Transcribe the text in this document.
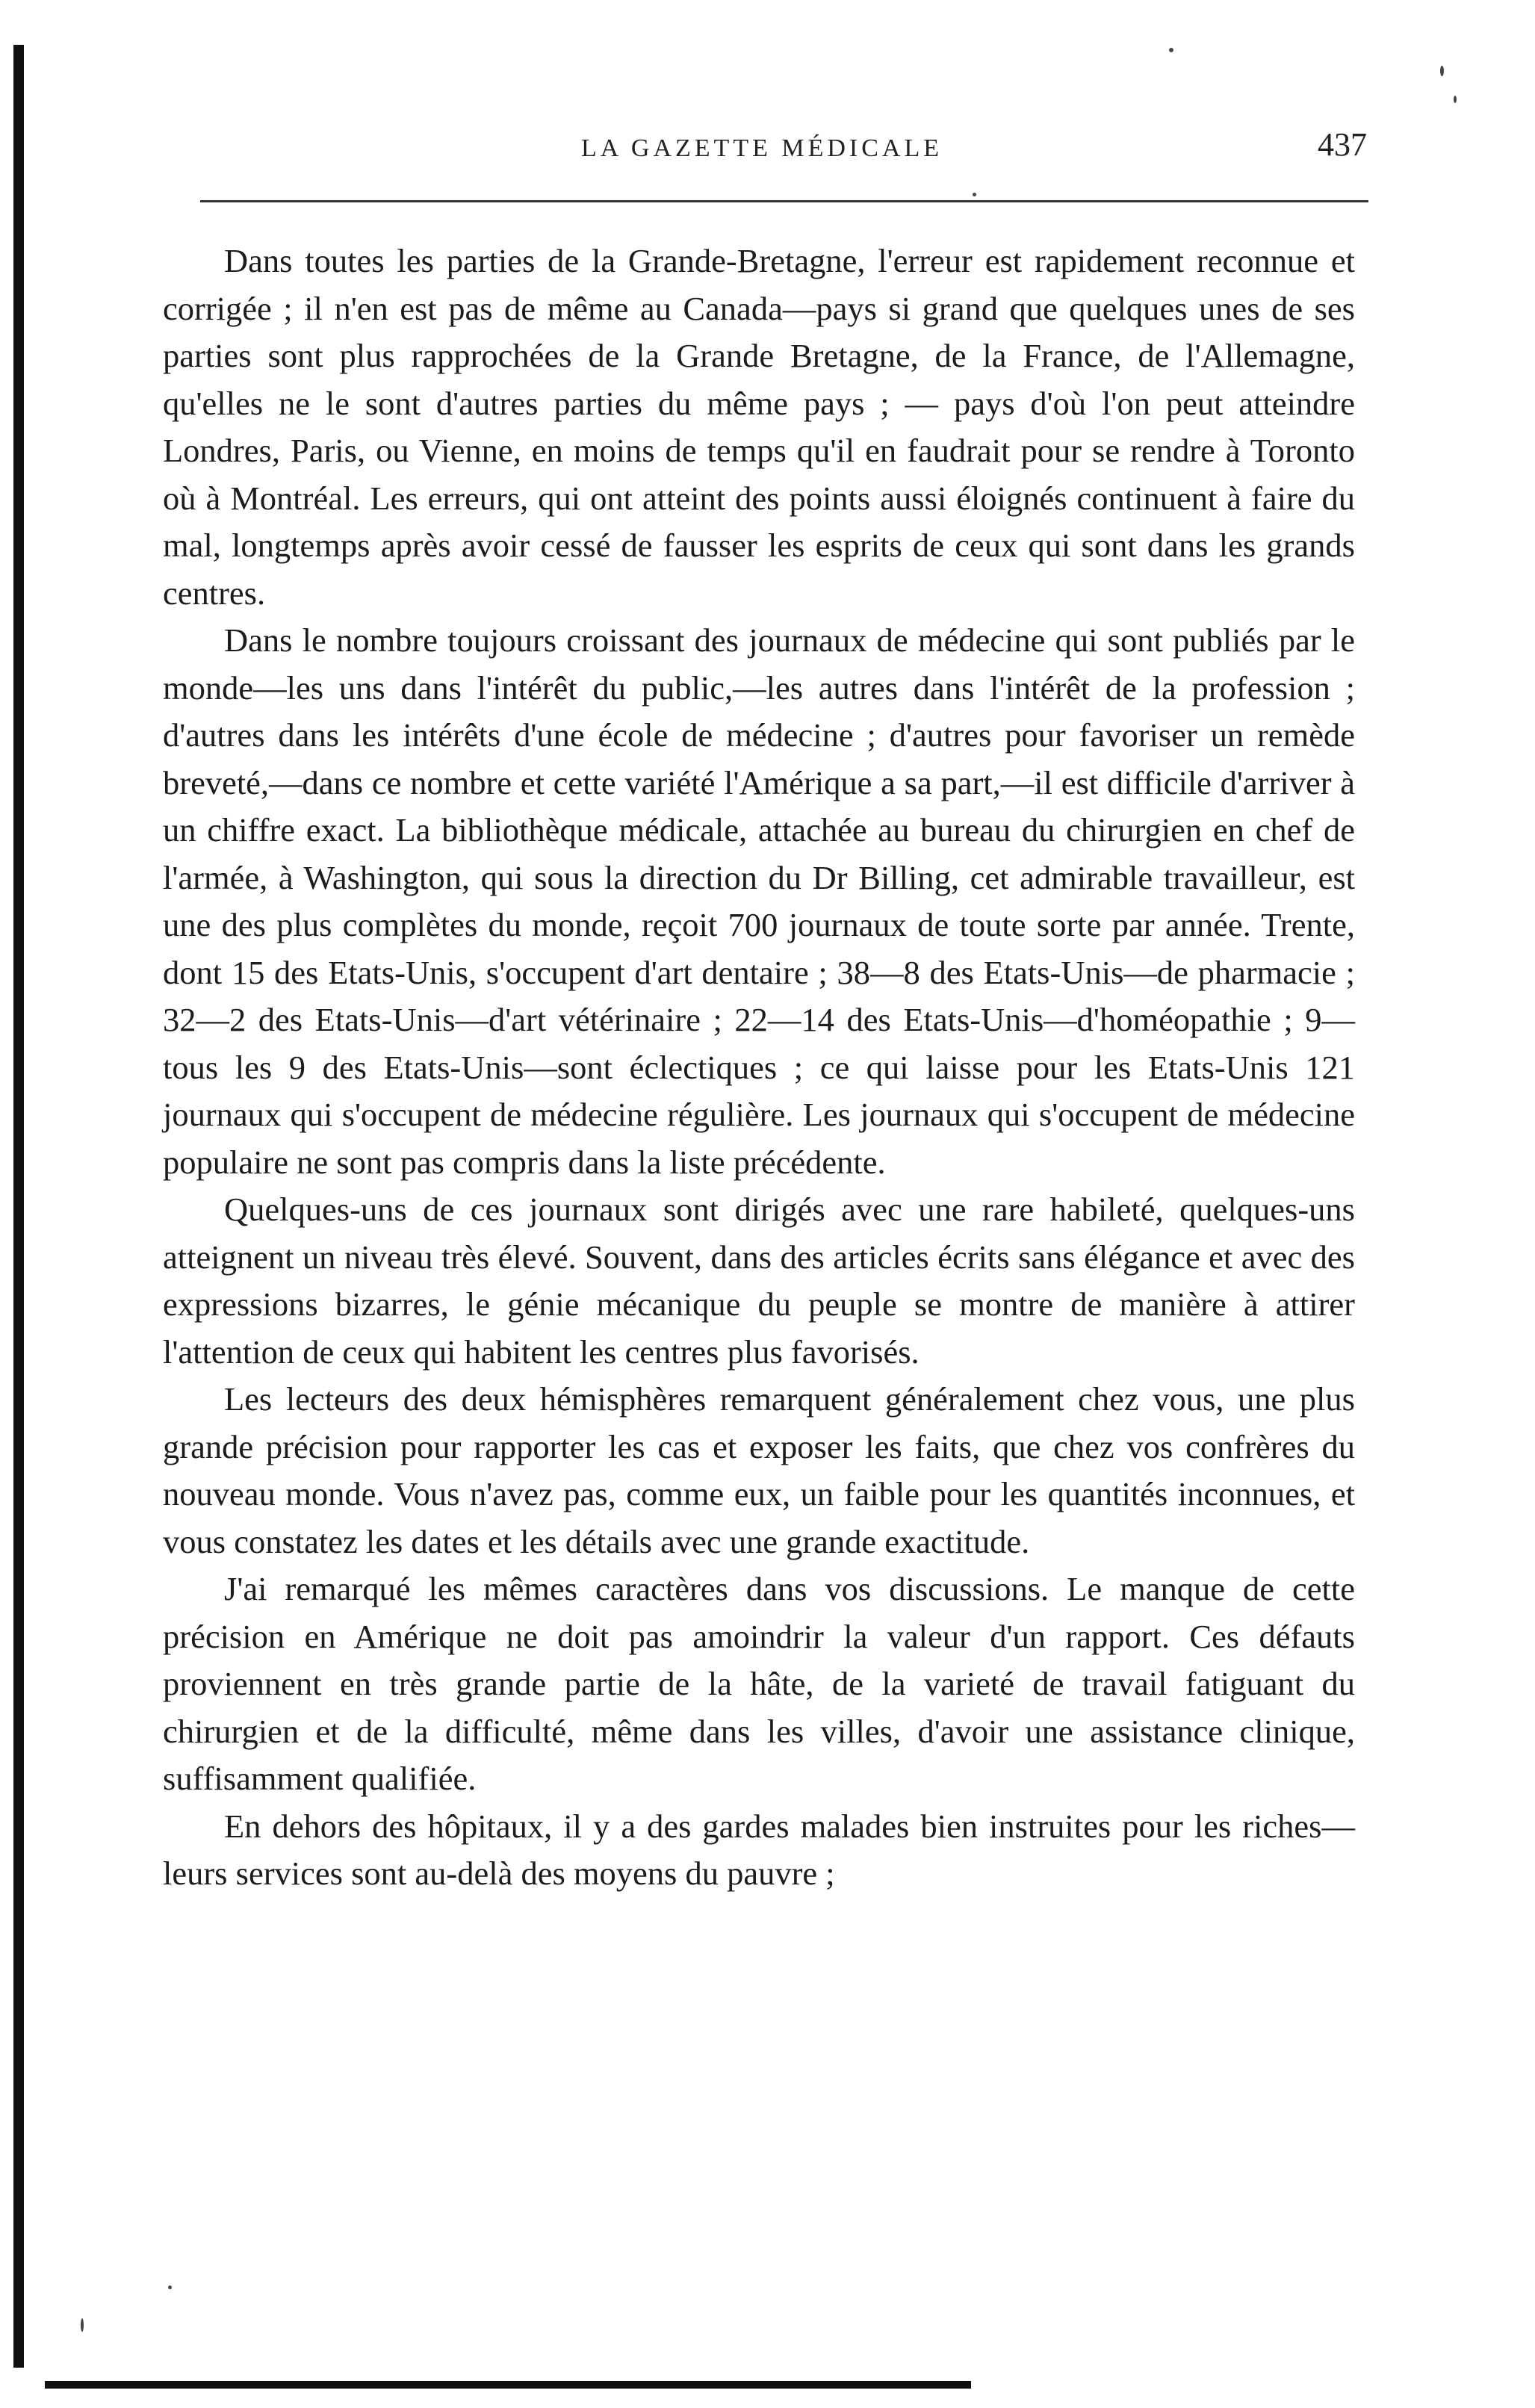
LA GAZETTE MÉDICALE	437

Dans toutes les parties de la Grande-Bretagne, l'erreur est rapidement reconnue et corrigée ; il n'en est pas de même au Canada—pays si grand que quelques unes de ses parties sont plus rapprochées de la Grande Bretagne, de la France, de l'Allemagne, qu'elles ne le sont d'autres parties du même pays ; — pays d'où l'on peut atteindre Londres, Paris, ou Vienne, en moins de temps qu'il en faudrait pour se rendre à Toronto où à Montréal. Les erreurs, qui ont atteint des points aussi éloignés continuent à faire du mal, longtemps après avoir cessé de fausser les esprits de ceux qui sont dans les grands centres.

Dans le nombre toujours croissant des journaux de médecine qui sont publiés par le monde—les uns dans l'intérêt du public,—les autres dans l'intérêt de la profession ; d'autres dans les intérêts d'une école de médecine ; d'autres pour favoriser un remède breveté,—dans ce nombre et cette variété l'Amérique a sa part,—il est difficile d'arriver à un chiffre exact. La bibliothèque médicale, attachée au bureau du chirurgien en chef de l'armée, à Washington, qui sous la direction du Dr Billing, cet admirable travailleur, est une des plus complètes du monde, reçoit 700 journaux de toute sorte par année. Trente, dont 15 des Etats-Unis, s'occupent d'art dentaire ; 38—8 des Etats-Unis—de pharmacie ; 32—2 des Etats-Unis—d'art vétérinaire ; 22—14 des Etats-Unis—d'homéopathie ; 9—tous les 9 des Etats-Unis—sont éclectiques ; ce qui laisse pour les Etats-Unis 121 journaux qui s'occupent de médecine régulière. Les journaux qui s'occupent de médecine populaire ne sont pas compris dans la liste précédente.

Quelques-uns de ces journaux sont dirigés avec une rare habileté, quelques-uns atteignent un niveau très élevé. Souvent, dans des articles écrits sans élégance et avec des expressions bizarres, le génie mécanique du peuple se montre de manière à attirer l'attention de ceux qui habitent les centres plus favorisés.

Les lecteurs des deux hémisphères remarquent généralement chez vous, une plus grande précision pour rapporter les cas et exposer les faits, que chez vos confrères du nouveau monde. Vous n'avez pas, comme eux, un faible pour les quantités inconnues, et vous constatez les dates et les détails avec une grande exactitude.

J'ai remarqué les mêmes caractères dans vos discussions. Le manque de cette précision en Amérique ne doit pas amoindrir la valeur d'un rapport. Ces défauts proviennent en très grande partie de la hâte, de la varieté de travail fatiguant du chirurgien et de la difficulté, même dans les villes, d'avoir une assistance clinique, suffisamment qualifiée.

En dehors des hôpitaux, il y a des gardes malades bien instruites pour les riches—leurs services sont au-delà des moyens du pauvre ;
